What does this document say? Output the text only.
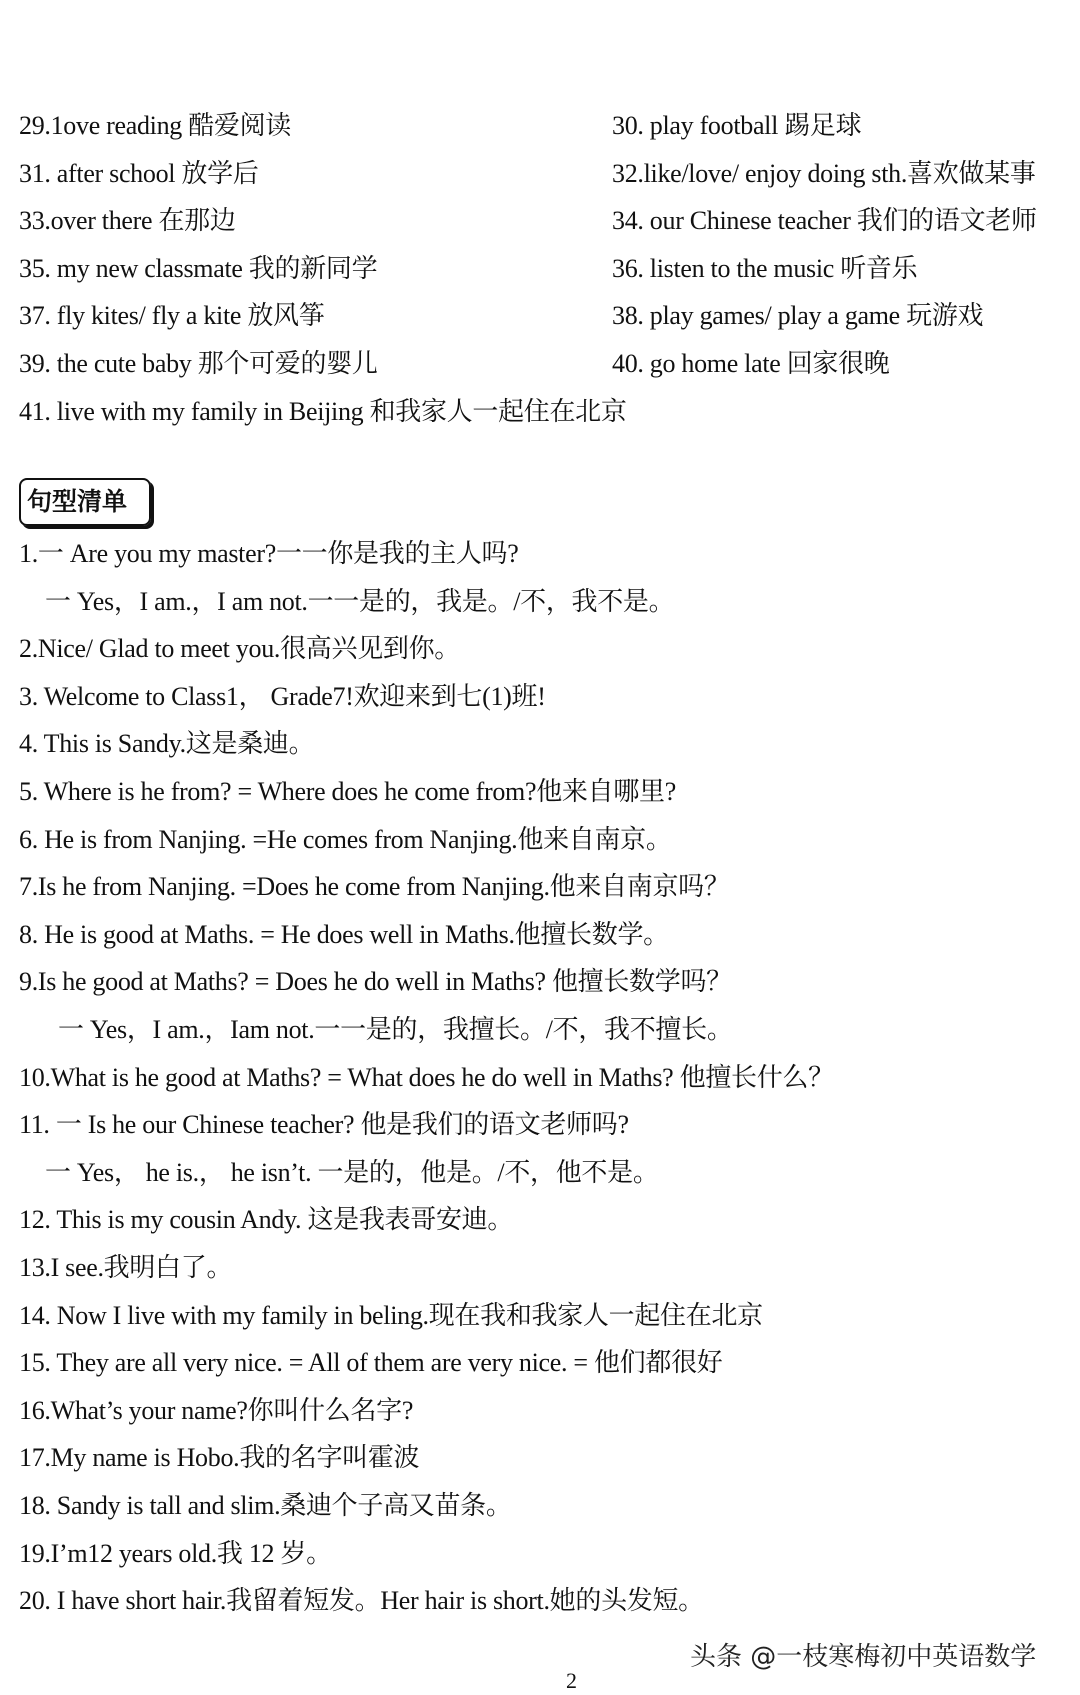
29.1ove reading 酷爱阅读
31. after school 放学后
33.over there 在那边
35. my new classmate 我的新同学
37. fly kites/ fly a kite 放风筝
39. the cute baby 那个可爱的婴儿
41. live with my family in Beijing 和我家人一起住在北京
30. play football 踢足球
32.like/love/ enjoy doing sth.喜欢做某事
34. our Chinese teacher 我们的语文老师
36. listen to the music 听音乐
38. play games/ play a game 玩游戏
40. go home late 回家很晚
句型清单
1.一 Are you my master?一一你是我的主人吗?
一 Yes，I am.，I am not.一一是的，我是。/不，我不是。
2.Nice/ Glad to meet you.很高兴见到你。
3. Welcome to Class1， Grade7!欢迎来到七(1)班!
4. This is Sandy.这是桑迪。
5. Where is he from? = Where does he come from?他来自哪里?
6. He is from Nanjing. =He comes from Nanjing.他来自南京。
7.Is he from Nanjing. =Does he come from Nanjing.他来自南京吗？
8. He is good at Maths. = He does well in Maths.他擅长数学。
9.Is he good at Maths? = Does he do well in Maths? 他擅长数学吗？
一 Yes，I am.，Iam not.一一是的，我擅长。/不，我不擅长。
10.What is he good at Maths? = What does he do well in Maths? 他擅长什么？
11. 一 Is he our Chinese teacher? 他是我们的语文老师吗?
一 Yes， he is.， he isn’t. 一是的，他是。/不，他不是。
12. This is my cousin Andy. 这是我表哥安迪。
13.I see.我明白了。
14. Now I live with my family in beling.现在我和我家人一起住在北京
15. They are all very nice. = All of them are very nice. = 他们都很好
16.What’s your name?你叫什么名字?
17.My name is Hobo.我的名字叫霍波
18. Sandy is tall and slim.桑迪个子高又苗条。
19.I’m12 years old.我 12 岁。
20. I have short hair.我留着短发。Her hair is short.她的头发短。
头条 @一枝寒梅初中英语数学
2
